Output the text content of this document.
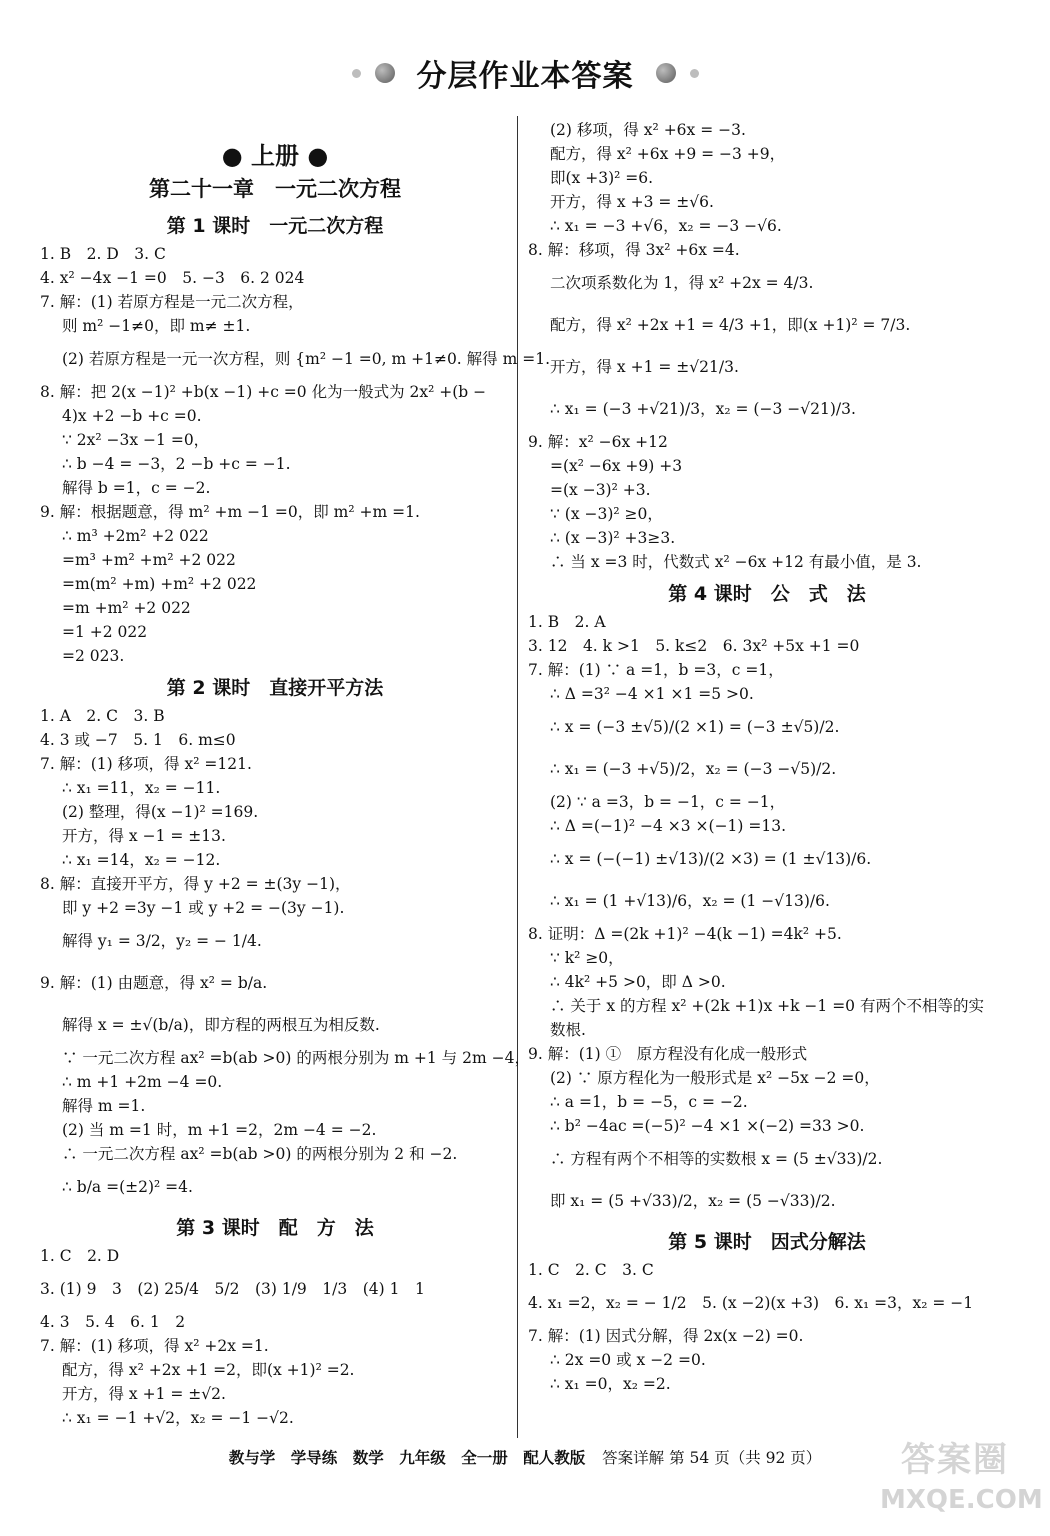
分层作业本答案
● 上册 ●
第二十一章　一元二次方程
第 1 课时　一元二次方程
1. B　2. D　3. C
4. x² −4x −1 =0　5. −3　6. 2 024
7. 解：(1) 若原方程是一元二次方程，
则 m² −1≠0，即 m≠ ±1.
(2) 若原方程是一元一次方程，则 {m² −1 =0, m +1≠0. 解得 m =1.
8. 解：把 2(x −1)² +b(x −1) +c =0 化为一般式为 2x² +(b −
4)x +2 −b +c =0.
∵ 2x² −3x −1 =0，
∴ b −4 = −3，2 −b +c = −1.
解得 b =1，c = −2.
9. 解：根据题意，得 m² +m −1 =0，即 m² +m =1.
∴ m³ +2m² +2 022
=m³ +m² +m² +2 022
=m(m² +m) +m² +2 022
=m +m² +2 022
=1 +2 022
=2 023.
第 2 课时　直接开平方法
1. A　2. C　3. B
4. 3 或 −7　5. 1　6. m≤0
7. 解：(1) 移项，得 x² =121.
∴ x₁ =11，x₂ = −11.
(2) 整理，得(x −1)² =169.
开方，得 x −1 = ±13.
∴ x₁ =14，x₂ = −12.
8. 解：直接开平方，得 y +2 = ±(3y −1)，
即 y +2 =3y −1 或 y +2 = −(3y −1).
解得 y₁ = 3/2，y₂ = − 1/4.
9. 解：(1) 由题意，得 x² = b/a.
解得 x = ±√(b/a)，即方程的两根互为相反数.
∵ 一元二次方程 ax² =b(ab >0) 的两根分别为 m +1 与 2m −4，
∴ m +1 +2m −4 =0.
解得 m =1.
(2) 当 m =1 时，m +1 =2，2m −4 = −2.
∴ 一元二次方程 ax² =b(ab >0) 的两根分别为 2 和 −2.
∴ b/a =(±2)² =4.
第 3 课时　配　方　法
1. C　2. D
3. (1) 9　3　(2) 25/4　5/2　(3) 1/9　1/3　(4) 1　1
4. 3　5. 4　6. 1　2
7. 解：(1) 移项，得 x² +2x =1.
配方，得 x² +2x +1 =2，即(x +1)² =2.
开方，得 x +1 = ±√2.
∴ x₁ = −1 +√2，x₂ = −1 −√2.
(2) 移项，得 x² +6x = −3.
配方，得 x² +6x +9 = −3 +9，
即(x +3)² =6.
开方，得 x +3 = ±√6.
∴ x₁ = −3 +√6，x₂ = −3 −√6.
8. 解：移项，得 3x² +6x =4.
二次项系数化为 1，得 x² +2x = 4/3.
配方，得 x² +2x +1 = 4/3 +1，即(x +1)² = 7/3.
开方，得 x +1 = ±√21/3.
∴ x₁ = (−3 +√21)/3，x₂ = (−3 −√21)/3.
9. 解：x² −6x +12
=(x² −6x +9) +3
=(x −3)² +3.
∵ (x −3)² ≥0，
∴ (x −3)² +3≥3.
∴ 当 x =3 时，代数式 x² −6x +12 有最小值，是 3.
第 4 课时　公　式　法
1. B　2. A
3. 12　4. k >1　5. k≤2　6. 3x² +5x +1 =0
7. 解：(1) ∵ a =1，b =3，c =1，
∴ Δ =3² −4 ×1 ×1 =5 >0.
∴ x = (−3 ±√5)/(2 ×1) = (−3 ±√5)/2.
∴ x₁ = (−3 +√5)/2，x₂ = (−3 −√5)/2.
(2) ∵ a =3，b = −1，c = −1，
∴ Δ =(−1)² −4 ×3 ×(−1) =13.
∴ x = (−(−1) ±√13)/(2 ×3) = (1 ±√13)/6.
∴ x₁ = (1 +√13)/6，x₂ = (1 −√13)/6.
8. 证明：Δ =(2k +1)² −4(k −1) =4k² +5.
∵ k² ≥0，
∴ 4k² +5 >0，即 Δ >0.
∴ 关于 x 的方程 x² +(2k +1)x +k −1 =0 有两个不相等的实
数根.
9. 解：(1) ①　原方程没有化成一般形式
(2) ∵ 原方程化为一般形式是 x² −5x −2 =0，
∴ a =1，b = −5，c = −2.
∴ b² −4ac =(−5)² −4 ×1 ×(−2) =33 >0.
∴ 方程有两个不相等的实数根 x = (5 ±√33)/2.
即 x₁ = (5 +√33)/2，x₂ = (5 −√33)/2.
第 5 课时　因式分解法
1. C　2. C　3. C
4. x₁ =2，x₂ = − 1/2　5. (x −2)(x +3)　6. x₁ =3，x₂ = −1
7. 解：(1) 因式分解，得 2x(x −2) =0.
∴ 2x =0 或 x −2 =0.
∴ x₁ =0，x₂ =2.
教与学　学导练　数学　九年级　全一册　配人教版 答案详解 第 54 页（共 92 页）	答案圈
MXQE.COM
